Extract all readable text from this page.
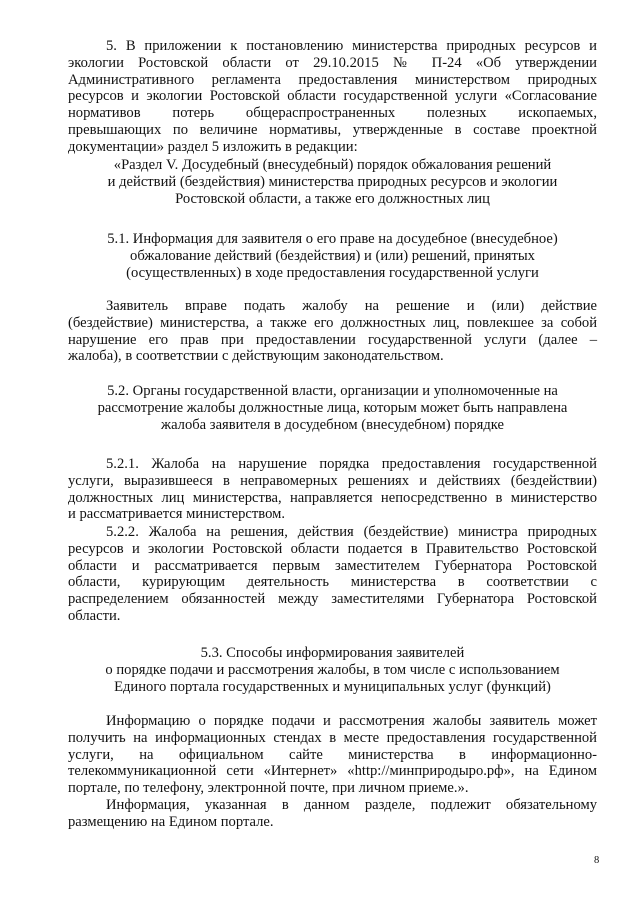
5. В приложении к постановлению министерства природных ресурсов и
экологии Ростовской области от 29.10.2015 № П-24 «Об утверждении
Административного регламента предоставления министерством природных
ресурсов и экологии Ростовской области государственной услуги «Согласование
нормативов потерь общераспространенных полезных ископаемых,
превышающих по величине нормативы, утвержденные в составе проектной
документации» раздел 5 изложить в редакции:
«Раздел V. Досудебный (внесудебный) порядок обжалования решений
и действий (бездействия) министерства природных ресурсов и экологии
Ростовской области, а также его должностных лиц
5.1. Информация для заявителя о его праве на досудебное (внесудебное)
обжалование действий (бездействия) и (или) решений, принятых
(осуществленных) в ходе предоставления государственной услуги
Заявитель вправе подать жалобу на решение и (или) действие
(бездействие) министерства, а также его должностных лиц, повлекшее за собой
нарушение его прав при предоставлении государственной услуги (далее –
жалоба), в соответствии с действующим законодательством.
5.2. Органы государственной власти, организации и уполномоченные на
рассмотрение жалобы должностные лица, которым может быть направлена
жалоба заявителя в досудебном (внесудебном) порядке
5.2.1. Жалоба на нарушение порядка предоставления государственной
услуги, выразившееся в неправомерных решениях и действиях (бездействии)
должностных лиц министерства, направляется непосредственно в министерство
и рассматривается министерством.
5.2.2. Жалоба на решения, действия (бездействие) министра природных
ресурсов и экологии Ростовской области подается в Правительство Ростовской
области и рассматривается первым заместителем Губернатора Ростовской
области, курирующим деятельность министерства в соответствии с
распределением обязанностей между заместителями Губернатора Ростовской
области.
5.3. Способы информирования заявителей
о порядке подачи и рассмотрения жалобы, в том числе с использованием
Единого портала государственных и муниципальных услуг (функций)
Информацию о порядке подачи и рассмотрения жалобы заявитель может
получить на информационных стендах в месте предоставления государственной
услуги, на официальном сайте министерства в информационно-
телекоммуникационной сети «Интернет» «http://минприродыро.рф», на Едином
портале, по телефону, электронной почте, при личном приеме.».
Информация, указанная в данном разделе, подлежит обязательному
размещению на Едином портале.
8
